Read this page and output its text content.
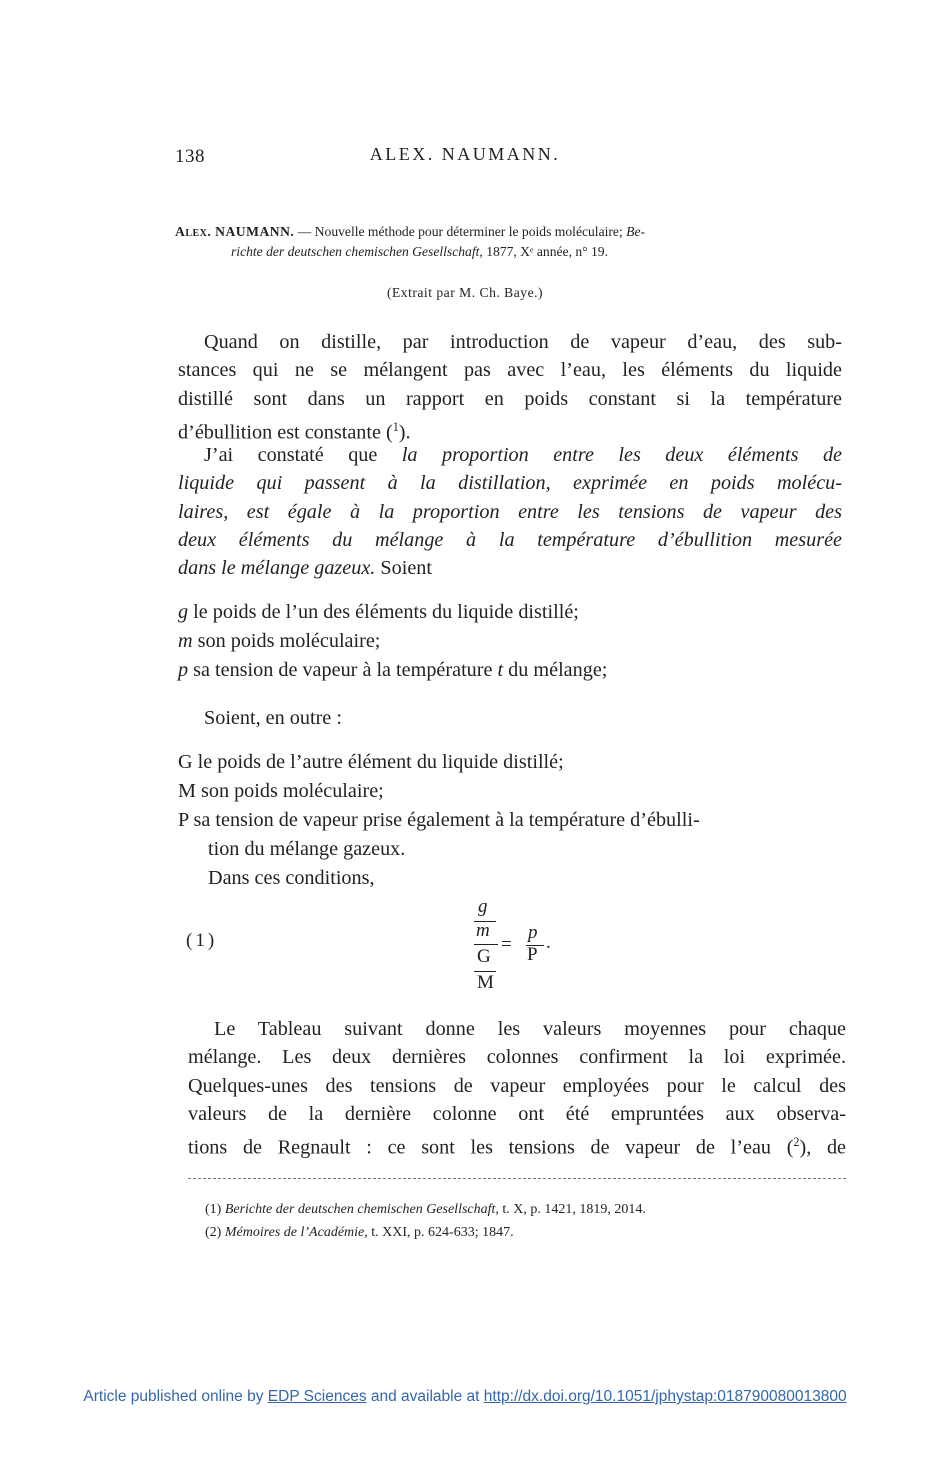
138	ALEX. NAUMANN.
Alex. NAUMANN. — Nouvelle méthode pour déterminer le poids moléculaire; Be-
richte der deutschen chemischen Gesellschaft, 1877, Xᵉ année, n° 19.
(Extrait par M. Ch. Baye.)
Quand on distille, par introduction de vapeur d’eau, des sub-
stances qui ne se mélangent pas avec l’eau, les éléments du liquide
distillé sont dans un rapport en poids constant si la température
d’ébullition est constante ($^1$).
J’ai constaté que la proportion entre les deux éléments de
liquide qui passent à la distillation, exprimée en poids molécu-
laires, est égale à la proportion entre les tensions de vapeur des
deux éléments du mélange à la température d’ébullition mesurée
dans le mélange gazeux. Soient
g le poids de l’un des éléments du liquide distillé;
m son poids moléculaire;
p sa tension de vapeur à la température t du mélange;
Soient, en outre :
G le poids de l’autre élément du liquide distillé;
M son poids moléculaire;
P sa tension de vapeur prise également à la température d’ébulli-
tion du mélange gazeux.
Dans ces conditions,
(1)
g
m
G
M
=
p
P
.
Le Tableau suivant donne les valeurs moyennes pour chaque
mélange. Les deux dernières colonnes confirment la loi exprimée.
Quelques-unes des tensions de vapeur employées pour le calcul des
valeurs de la dernière colonne ont été empruntées aux observa-
tions de Regnault : ce sont les tensions de vapeur de l’eau ($^2$), de
(1) Berichte der deutschen chemischen Gesellschaft, t. X, p. 1421, 1819, 2014.
(2) Mémoires de l’Académie, t. XXI, p. 624-633; 1847.
Article published online by EDP Sciences and available at http://dx.doi.org/10.1051/jphystap:018790080013800
